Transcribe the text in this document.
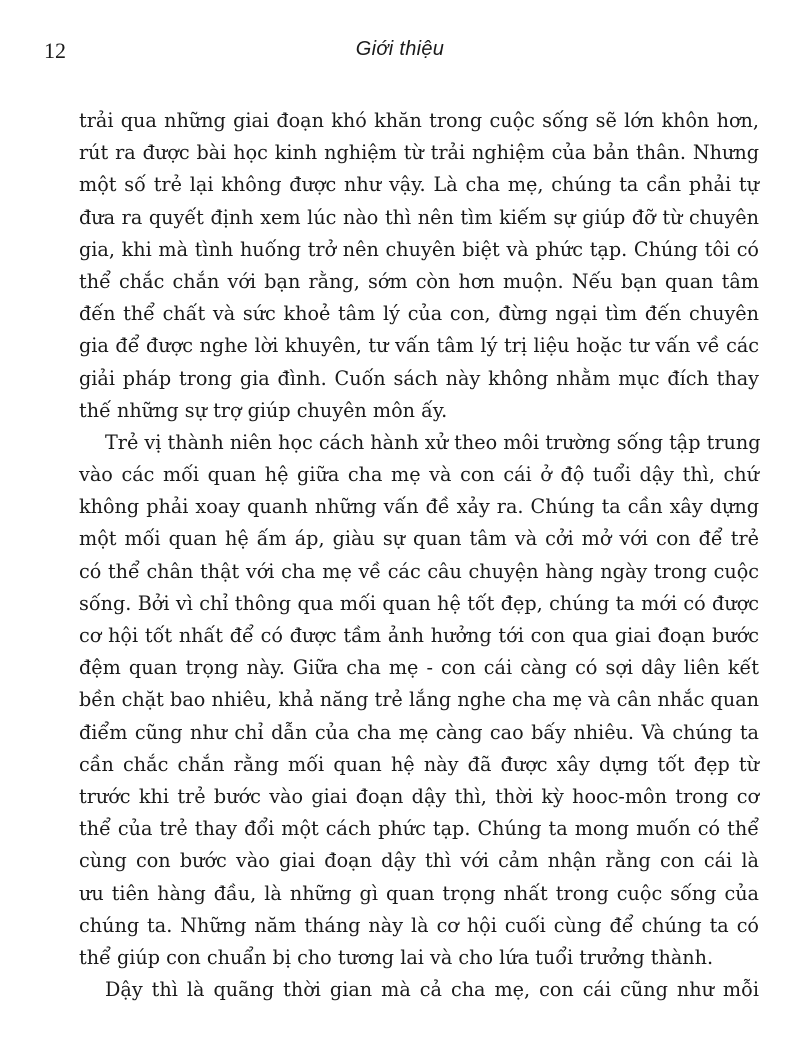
12	Giới thiệu
trải qua những giai đoạn khó khăn trong cuộc sống sẽ lớn khôn hơn,
rút ra được bài học kinh nghiệm từ trải nghiệm của bản thân. Nhưng
một số trẻ lại không được như vậy. Là cha mẹ, chúng ta cần phải tự
đưa ra quyết định xem lúc nào thì nên tìm kiếm sự giúp đỡ từ chuyên
gia, khi mà tình huống trở nên chuyên biệt và phức tạp. Chúng tôi có
thể chắc chắn với bạn rằng, sớm còn hơn muộn. Nếu bạn quan tâm
đến thể chất và sức khoẻ tâm lý của con, đừng ngại tìm đến chuyên
gia để được nghe lời khuyên, tư vấn tâm lý trị liệu hoặc tư vấn về các
giải pháp trong gia đình. Cuốn sách này không nhằm mục đích thay
thế những sự trợ giúp chuyên môn ấy.
Trẻ vị thành niên học cách hành xử theo môi trường sống tập trung
vào các mối quan hệ giữa cha mẹ và con cái ở độ tuổi dậy thì, chứ
không phải xoay quanh những vấn đề xảy ra. Chúng ta cần xây dựng
một mối quan hệ ấm áp, giàu sự quan tâm và cởi mở với con để trẻ
có thể chân thật với cha mẹ về các câu chuyện hàng ngày trong cuộc
sống. Bởi vì chỉ thông qua mối quan hệ tốt đẹp, chúng ta mới có được
cơ hội tốt nhất để có được tầm ảnh hưởng tới con qua giai đoạn bước
đệm quan trọng này. Giữa cha mẹ - con cái càng có sợi dây liên kết
bền chặt bao nhiêu, khả năng trẻ lắng nghe cha mẹ và cân nhắc quan
điểm cũng như chỉ dẫn của cha mẹ càng cao bấy nhiêu. Và chúng ta
cần chắc chắn rằng mối quan hệ này đã được xây dựng tốt đẹp từ
trước khi trẻ bước vào giai đoạn dậy thì, thời kỳ hooc-môn trong cơ
thể của trẻ thay đổi một cách phức tạp. Chúng ta mong muốn có thể
cùng con bước vào giai đoạn dậy thì với cảm nhận rằng con cái là
ưu tiên hàng đầu, là những gì quan trọng nhất trong cuộc sống của
chúng ta. Những năm tháng này là cơ hội cuối cùng để chúng ta có
thể giúp con chuẩn bị cho tương lai và cho lứa tuổi trưởng thành.
Dậy thì là quãng thời gian mà cả cha mẹ, con cái cũng như mỗi
